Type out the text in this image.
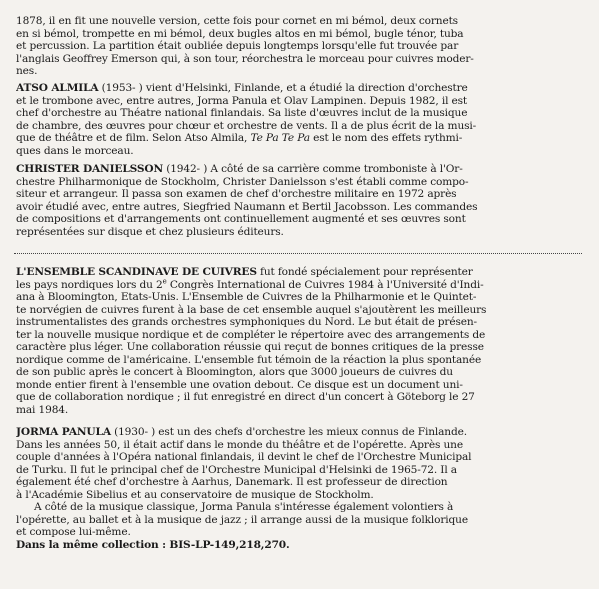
1878, il en fit une nouvelle version, cette fois pour cornet en mi bémol, deux cornets
en si bémol, trompette en mi bémol, deux bugles altos en mi bémol, bugle ténor, tuba
et percussion. La partition était oubliée depuis longtemps lorsqu'elle fut trouvée par
l'anglais Geoffrey Emerson qui, à son tour, réorchestra le morceau pour cuivres moder-
nes.
ATSO ALMILA (1953- ) vient d'Helsinki, Finlande, et a étudié la direction d'orchestre
et le trombone avec, entre autres, Jorma Panula et Olav Lampinen. Depuis 1982, il est
chef d'orchestre au Théatre national finlandais. Sa liste d'œuvres inclut de la musique
de chambre, des œuvres pour chœur et orchestre de vents. Il a de plus écrit de la musi-
que de théâtre et de film. Selon Atso Almila, Te Pa Te Pa est le nom des effets rythmi-
ques dans le morceau.
CHRISTER DANIELSSON (1942- ) A côté de sa carrière comme tromboniste à l'Or-
chestre Philharmonique de Stockholm, Christer Danielsson s'est établi comme compo-
siteur et arrangeur. Il passa son examen de chef d'orchestre militaire en 1972 après
avoir étudié avec, entre autres, Siegfried Naumann et Bertil Jacobsson. Les commandes
de compositions et d'arrangements ont continuellement augmenté et ses œuvres sont
représentées sur disque et chez plusieurs éditeurs.
L'ENSEMBLE SCANDINAVE DE CUIVRES fut fondé spécialement pour représenter
les pays nordiques lors du 2e Congrès International de Cuivres 1984 à l'Université d'Indi-
ana à Bloomington, Etats-Unis. L'Ensemble de Cuivres de la Philharmonie et le Quintet-
te norvégien de cuivres furent à la base de cet ensemble auquel s'ajoutèrent les meilleurs
instrumentalistes des grands orchestres symphoniques du Nord. Le but était de présen-
ter la nouvelle musique nordique et de compléter le répertoire avec des arrangements de
caractère plus léger. Une collaboration réussie qui reçut de bonnes critiques de la presse
nordique comme de l'américaine. L'ensemble fut témoin de la réaction la plus spontanée
de son public après le concert à Bloomington, alors que 3000 joueurs de cuivres du
monde entier firent à l'ensemble une ovation debout. Ce disque est un document uni-
que de collaboration nordique ; il fut enregistré en direct d'un concert à Göteborg le 27
mai 1984.
JORMA PANULA (1930- ) est un des chefs d'orchestre les mieux connus de Finlande.
Dans les années 50, il était actif dans le monde du théâtre et de l'opérette. Après une
couple d'années à l'Opéra national finlandais, il devint le chef de l'Orchestre Municipal
de Turku. Il fut le principal chef de l'Orchestre Municipal d'Helsinki de 1965-72. Il a
également été chef d'orchestre à Aarhus, Danemark. Il est professeur de direction
à l'Académie Sibelius et au conservatoire de musique de Stockholm.
A côté de la musique classique, Jorma Panula s'intéresse également volontiers à
l'opérette, au ballet et à la musique de jazz ; il arrange aussi de la musique folklorique
et compose lui-même.
Dans la même collection : BIS-LP-149,218,270.
